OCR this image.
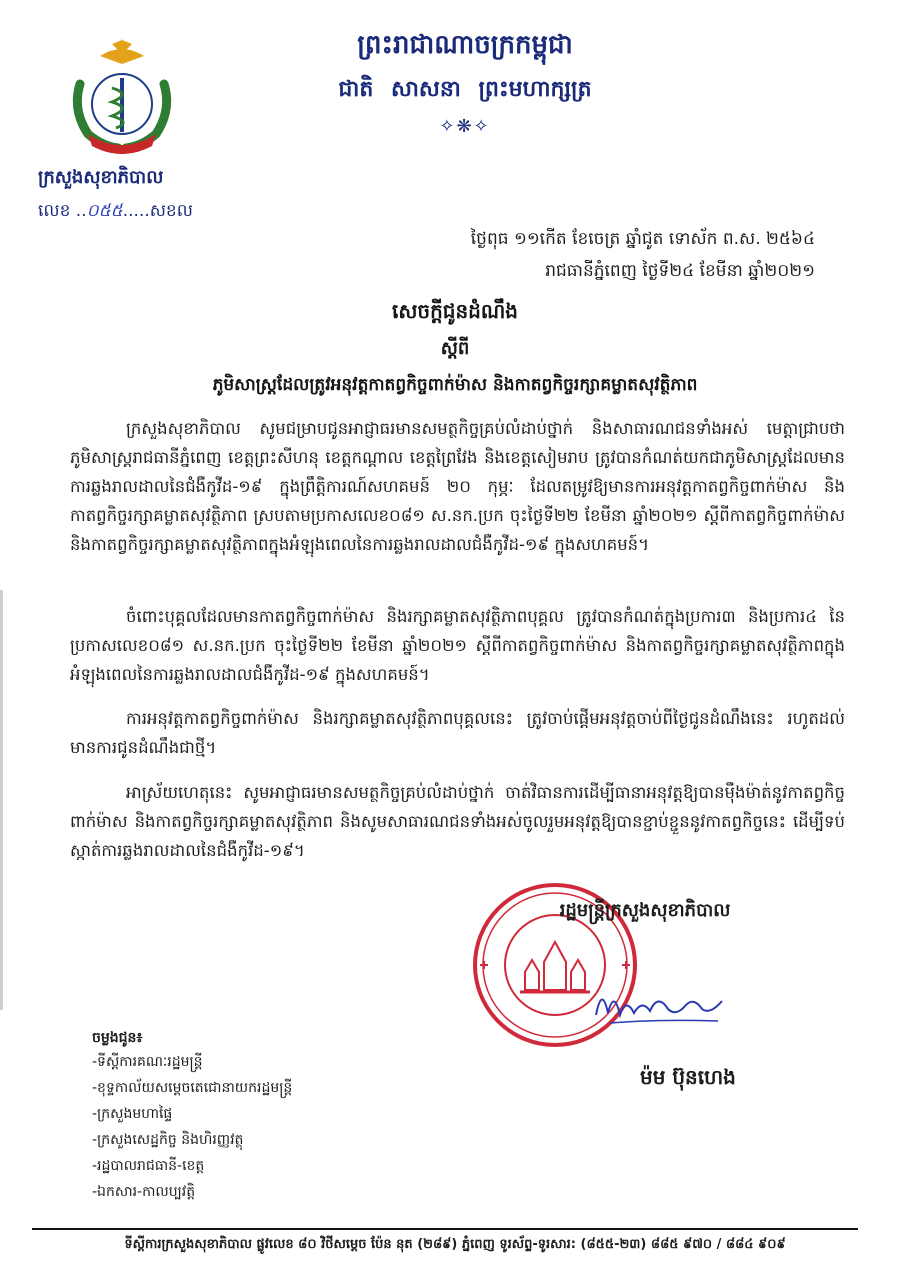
ព្រះរាជាណាចក្រកម្ពុជា
ជាតិ សាសនា ព្រះមហាក្សត្រ
✧❋✧
ក្រសួងសុខាភិបាល
លេខ ..០៥៥.....សខល
ថ្ងៃពុធ ១១កើត ខែចេត្រ ឆ្នាំជូត ទោស័ក ព.ស. ២៥៦៤
រាជធានីភ្នំពេញ ថ្ងៃទី២៤ ខែមីនា ឆ្នាំ២០២១
សេចក្តីជូនដំណឹង
ស្តីពី
ភូមិសាស្ត្រដែលត្រូវអនុវត្តកាតព្វកិច្ចពាក់ម៉ាស និងកាតព្វកិច្ចរក្សាគម្លាតសុវត្ថិភាព
ក្រសួងសុខាភិបាល សូមជម្រាបជូនអាជ្ញាធរមានសមត្ថកិច្ចគ្រប់លំដាប់ថ្នាក់ និងសាធារណជនទាំងអស់ មេត្តាជ្រាបថា ភូមិសាស្ត្ររាជធានីភ្នំពេញ ខេត្តព្រះសីហនុ ខេត្តកណ្តាល ខេត្តព្រៃវែង និងខេត្តសៀមរាប ត្រូវបានកំណត់យកជាភូមិសាស្ត្រដែលមានការឆ្លងរាលដាលនៃជំងឺកូវីដ-១៩ ក្នុងព្រឹត្តិការណ៍សហគមន៍ ២០ កុម្ភៈ ដែលតម្រូវឱ្យមានការអនុវត្តកាតព្វកិច្ចពាក់ម៉ាស និងកាតព្វកិច្ចរក្សាគម្លាតសុវត្ថិភាព ស្របតាមប្រកាសលេខ០៨១ ស.នក.ប្រក ចុះថ្ងៃទី២២ ខែមីនា ឆ្នាំ២០២១ ស្តីពីកាតព្វកិច្ចពាក់ម៉ាស និងកាតព្វកិច្ចរក្សាគម្លាតសុវត្ថិភាពក្នុងអំឡុងពេលនៃការឆ្លងរាលដាលជំងឺកូវីដ-១៩ ក្នុងសហគមន៍។
ចំពោះបុគ្គលដែលមានកាតព្វកិច្ចពាក់ម៉ាស និងរក្សាគម្លាតសុវត្ថិភាពបុគ្គល ត្រូវបានកំណត់ក្នុងប្រការ៣ និងប្រការ៤ នៃប្រកាសលេខ០៨១ ស.នក.ប្រក ចុះថ្ងៃទី២២ ខែមីនា ឆ្នាំ២០២១ ស្តីពីកាតព្វកិច្ចពាក់ម៉ាស និងកាតព្វកិច្ចរក្សាគម្លាតសុវត្ថិភាពក្នុងអំឡុងពេលនៃការឆ្លងរាលដាលជំងឺកូវីដ-១៩ ក្នុងសហគមន៍។
ការអនុវត្តកាតព្វកិច្ចពាក់ម៉ាស និងរក្សាគម្លាតសុវត្ថិភាពបុគ្គលនេះ ត្រូវចាប់ផ្តើមអនុវត្តចាប់ពីថ្ងៃជូនដំណឹងនេះ រហូតដល់មានការជូនដំណឹងជាថ្មី។
អាស្រ័យហេតុនេះ សូមអាជ្ញាធរមានសមត្ថកិច្ចគ្រប់លំដាប់ថ្នាក់ ចាត់វិធានការដើម្បីធានាអនុវត្តឱ្យបានម៉ឺងម៉ាត់នូវកាតព្វកិច្ចពាក់ម៉ាស និងកាតព្វកិច្ចរក្សាគម្លាតសុវត្ថិភាព និងសូមសាធារណជនទាំងអស់ចូលរួមអនុវត្តឱ្យបានខ្ជាប់ខ្ជួននូវកាតព្វកិច្ចនេះ ដើម្បីទប់ស្កាត់ការឆ្លងរាលដាលនៃជំងឺកូវីដ-១៩។
រដ្ឋមន្ត្រីក្រសួងសុខាភិបាល
ម៉ម ប៊ុនហេង
ចម្លងជូន៖
-ទីស្តីការគណៈរដ្ឋមន្ត្រី
-ខុទ្ទកាល័យសម្តេចតេជោនាយករដ្ឋមន្ត្រី
-ក្រសួងមហាផ្ទៃ
-ក្រសួងសេដ្ឋកិច្ច និងហិរញ្ញវត្ថុ
-រដ្ឋបាលរាជធានី-ខេត្ត
-ឯកសារ-កាលប្បវត្តិ
ទីស្តីការក្រសួងសុខាភិបាល ផ្លូវលេខ ៨០ វិថីសម្តេច ប៉ែន នុត (២៨៩) ភ្នំពេញ ទូរស័ព្ទ-ទូរសារ: (៨៥៥-២៣) ៨៨៥ ៩៧០ / ៨៨៤ ៩០៩
